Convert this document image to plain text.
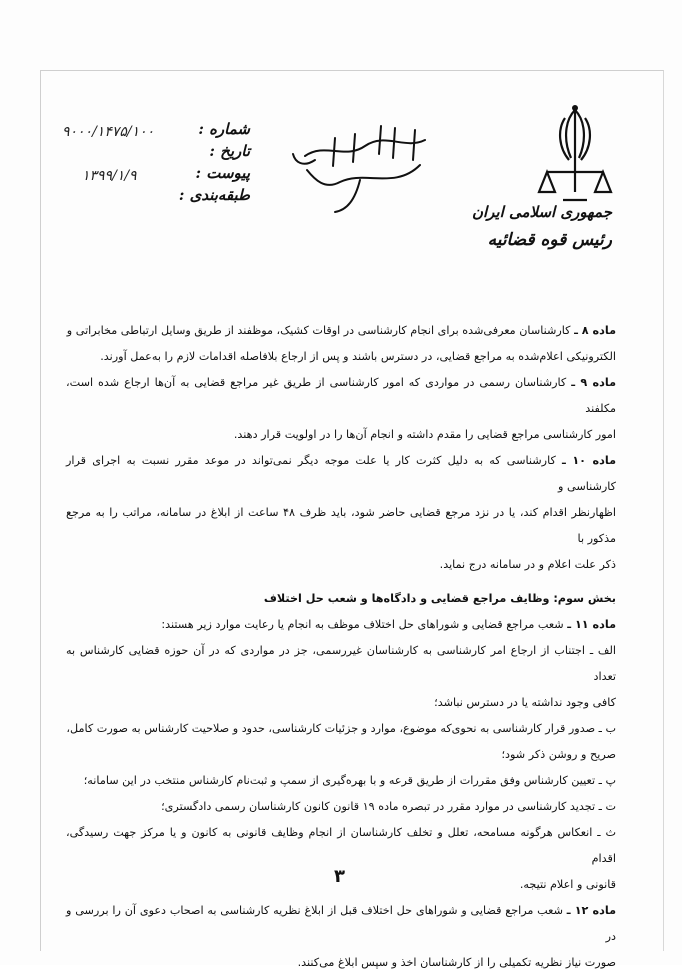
جمهوری اسلامی ایران
رئیس قوه قضائیه
شماره :
تاریخ :
پیوست :
طبقه‌بندی :
۹۰۰۰/۱۴۷۵/۱۰۰
۱۳۹۹/۱/۹

ماده ۸ ـ کارشناسان معرفی‌شده برای انجام کارشناسی در اوقات کشیک، موظفند از طریق وسایل ارتباطی مخابراتی و

الکترونیکی اعلام‌شده به مراجع قضایی، در دسترس باشند و پس از ارجاع بلافاصله اقدامات لازم را به‌عمل آورند.

ماده ۹ ـ کارشناسان رسمی در مواردی که امور کارشناسی از طریق غیر مراجع قضایی به آن‌ها ارجاع شده است، مکلفند

امور کارشناسی مراجع قضایی را مقدم داشته و انجام آن‌ها را در اولویت قرار دهند.

ماده ۱۰ ـ کارشناسی که به دلیل کثرت کار یا علت موجه دیگر نمی‌تواند در موعد مقرر نسبت به اجرای قرار کارشناسی و

اظهارنظر اقدام کند، یا در نزد مرجع قضایی حاضر شود، باید ظرف ۴۸ ساعت از ابلاغ در سامانه، مراتب را به مرجع مذکور با

ذکر علت اعلام و در سامانه درج نماید.

بخش سوم: وظایف مراجع قضایی و دادگاه‌ها و شعب حل اختلاف

ماده ۱۱ ـ شعب مراجع قضایی و شوراهای حل اختلاف موظف به انجام یا رعایت موارد زیر هستند:

الف ـ اجتناب از ارجاع امر کارشناسی به کارشناسان غیررسمی، جز در مواردی که در آن حوزه قضایی کارشناس به تعداد

کافی وجود نداشته یا در دسترس نباشد؛

ب ـ صدور قرار کارشناسی به نحوی‌که موضوع، موارد و جزئیات کارشناسی، حدود و صلاحیت کارشناس به صورت کامل،

صریح و روشن ذکر شود؛

پ ـ تعیین کارشناس وفق مقررات از طریق قرعه و با بهره‌گیری از سمپ و ثبت‌نام کارشناس منتخب در این سامانه؛

ت ـ تجدید کارشناسی در موارد مقرر در تبصره ماده ۱۹ قانون کانون کارشناسان رسمی دادگستری؛

ث ـ انعکاس هرگونه مسامحه، تعلل و تخلف کارشناسان از انجام وظایف قانونی به کانون و یا مرکز جهت رسیدگی، اقدام

قانونی و اعلام نتیجه.

ماده ۱۲ ـ شعب مراجع قضایی و شوراهای حل اختلاف قبل از ابلاغ نظریه کارشناسی به اصحاب دعوی آن را بررسی و در

صورت نیاز نظریه تکمیلی را از کارشناسان اخذ و سپس ابلاغ می‌کنند.

۳
